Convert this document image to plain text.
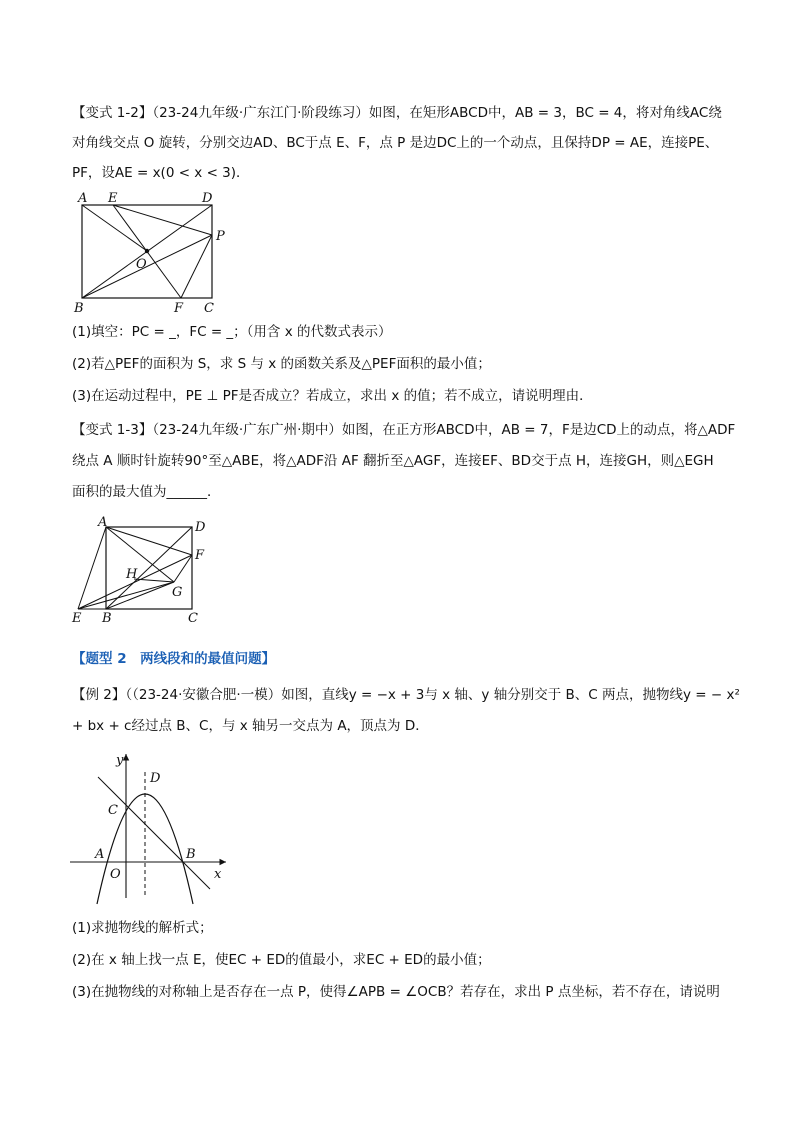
【变式 1-2】（23-24九年级·广东江门·阶段练习）如图，在矩形ABCD中，AB = 3，BC = 4，将对角线AC绕
对角线交点 O 旋转，分别交边AD、BC于点 E、F，点 P 是边DC上的一个动点，且保持DP = AE，连接PE、
PF，设AE = x(0 < x < 3)．
A E	D
P
O
B	F C
(1)填空：PC = _，FC = _；（用含 x 的代数式表示）
(2)若△PEF的面积为 S，求 S 与 x 的函数关系及△PEF面积的最小值；
(3)在运动过程中，PE ⊥ PF是否成立？若成立，求出 x 的值；若不成立，请说明理由．
【变式 1-3】（23-24九年级·广东广州·期中）如图，在正方形ABCD中，AB = 7，F是边CD上的动点，将△ADF
绕点 A 顺时针旋转90°至△ABE，将△ADF沿 AF 翻折至△AGF，连接EF、BD交于点 H，连接GH，则△EGH
面积的最大值为______．
A	D
F
H
G
E B	C
【题型 2　两线段和的最值问题】
【例 2】（（23-24·安徽合肥·一模）如图，直线y = −x + 3与 x 轴、y 轴分别交于 B、C 两点，抛物线y = − x²
+ bx + c经过点 B、C，与 x 轴另一交点为 A，顶点为 D．
y
D
C
A	B
O	x
(1)求抛物线的解析式；
(2)在 x 轴上找一点 E，使EC + ED的值最小，求EC + ED的最小值；
(3)在抛物线的对称轴上是否存在一点 P，使得∠APB = ∠OCB？若存在，求出 P 点坐标，若不存在，请说明
